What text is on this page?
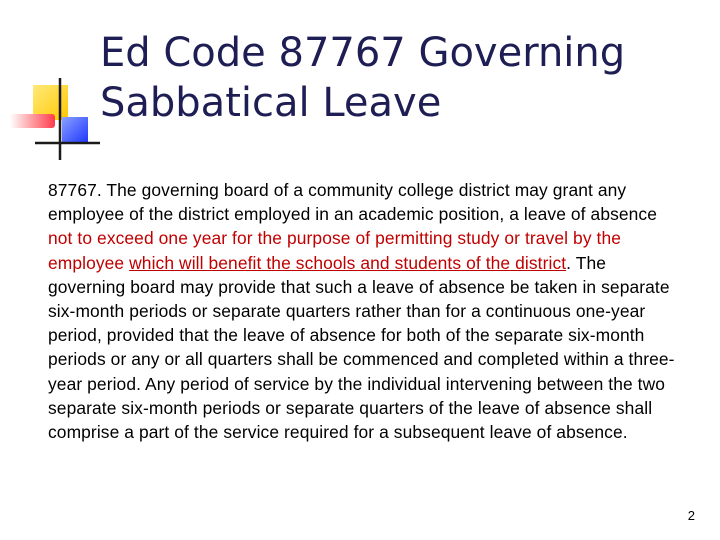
Ed Code 87767 Governing
Sabbatical Leave

87767. The governing board of a community college district may grant any employee of the district employed in an academic position, a leave of absence not to exceed one year for the purpose of permitting study or travel by the employee which will benefit the schools and students of the district. The governing board may provide that such a leave of absence be taken in separate six-month periods or separate quarters rather than for a continuous one-year period, provided that the leave of absence for both of the separate six-month periods or any or all quarters shall be commenced and completed within a three-year period. Any period of service by the individual intervening between the two separate six-month periods or separate quarters of the leave of absence shall comprise a part of the service required for a subsequent leave of absence.

2
